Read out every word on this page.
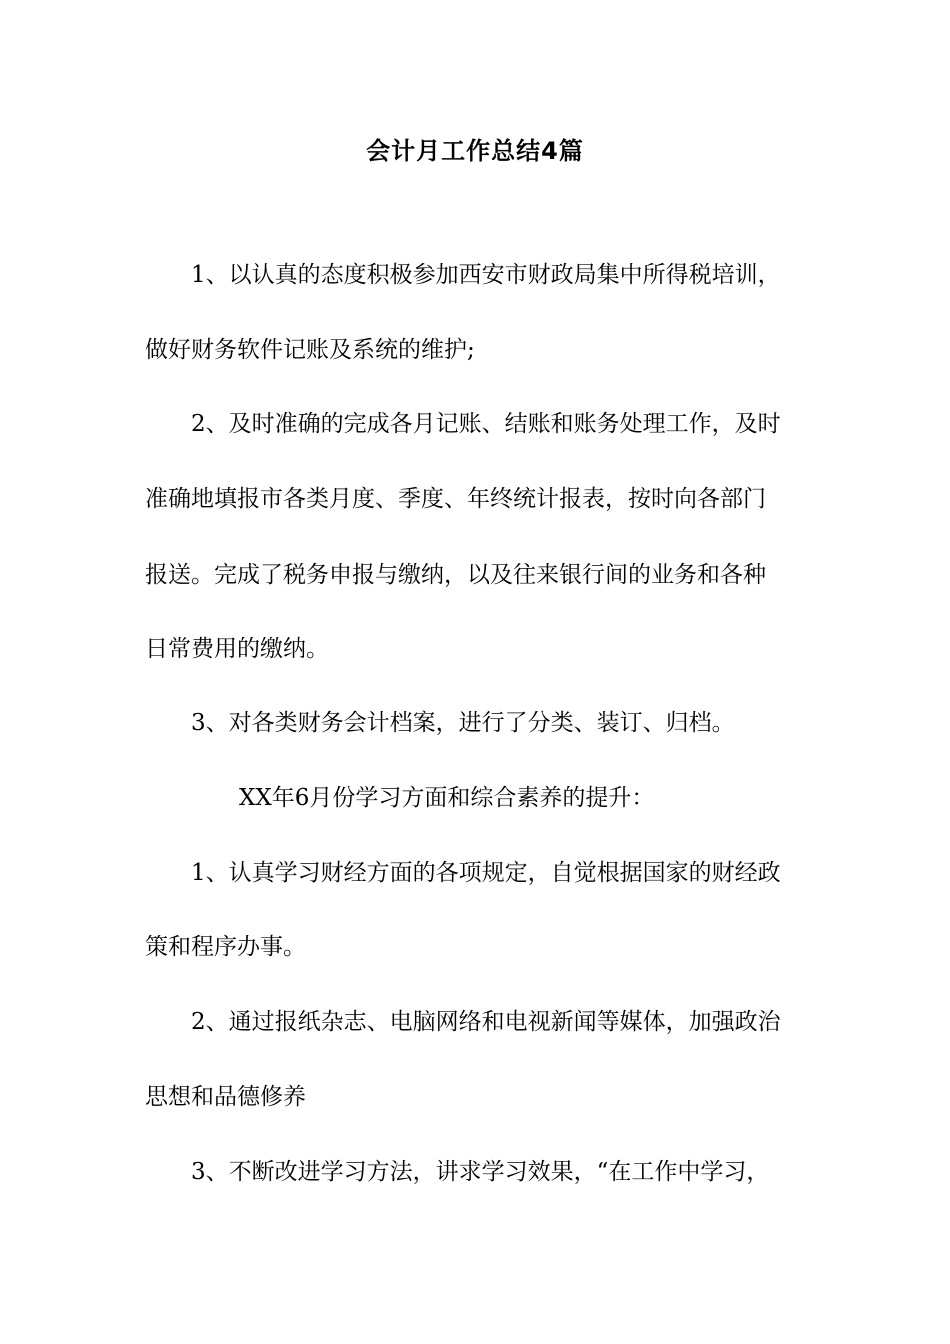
会计月工作总结4篇
1、以认真的态度积极参加西安市财政局集中所得税培训，
做好财务软件记账及系统的维护;
2、及时准确的完成各月记账、结账和账务处理工作，及时
准确地填报市各类月度、季度、年终统计报表，按时向各部门
报送。完成了税务申报与缴纳，以及往来银行间的业务和各种
日常费用的缴纳。
3、对各类财务会计档案，进行了分类、装订、归档。
XX年6月份学习方面和综合素养的提升：
1、认真学习财经方面的各项规定，自觉根据国家的财经政
策和程序办事。
2、通过报纸杂志、电脑网络和电视新闻等媒体，加强政治
思想和品德修养
3、不断改进学习方法，讲求学习效果，“在工作中学习，
